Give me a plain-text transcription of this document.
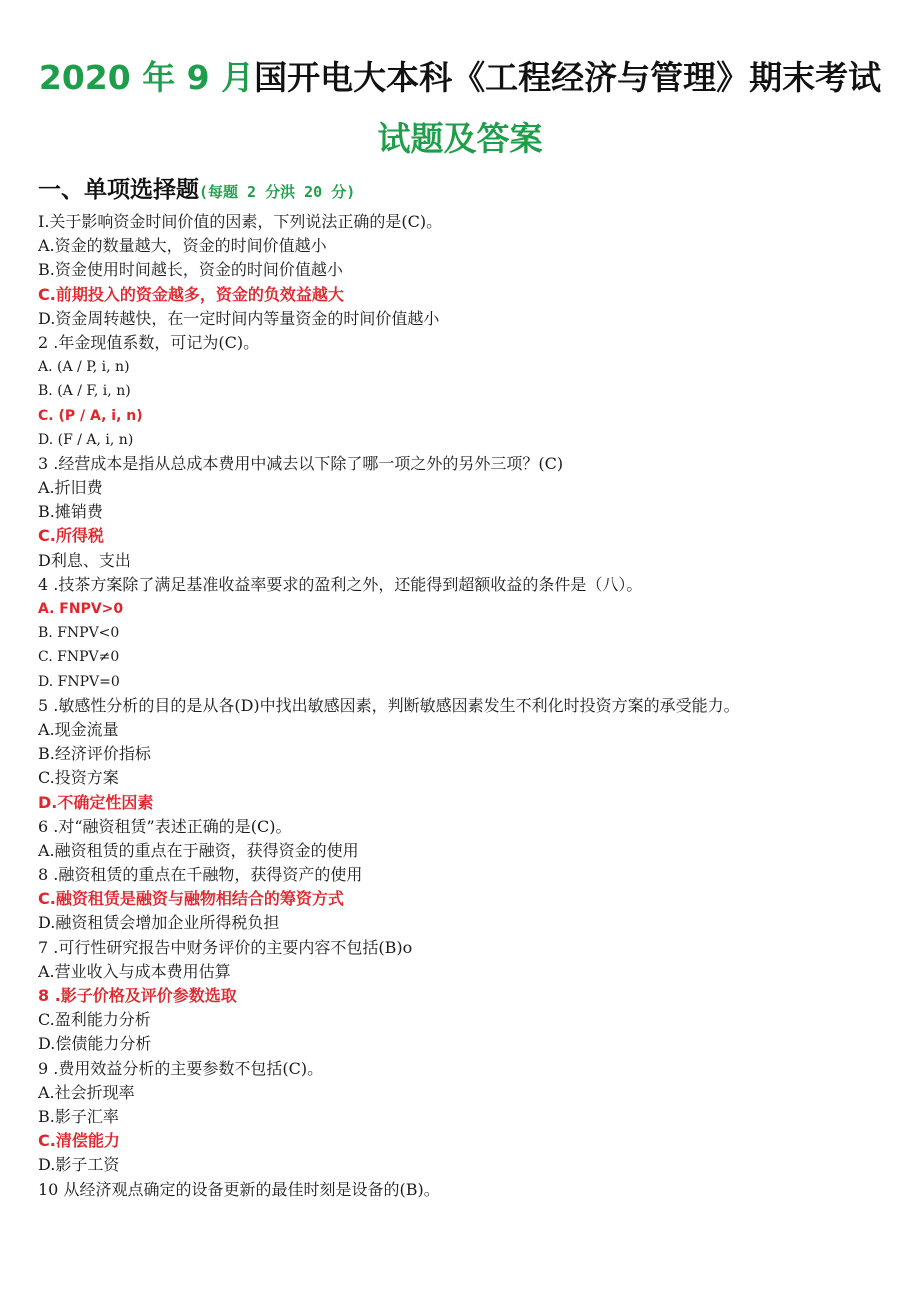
2020 年 9 月国开电大本科《工程经济与管理》期末考试
试题及答案
一、单项选择题(每题 2 分洪 20 分)
I.关于影响资金时间价值的因素，下列说法正确的是(C)。
A.资金的数量越大，资金的时间价值越小
B.资金使用时间越长，资金的时间价值越小
C.前期投入的资金越多，资金的负效益越大
D.资金周转越快，在一定时间内等量资金的时间价值越小
2 .年金现值系数，可记为(C)。
A. (A / P, i, n)
B. (A / F, i, n)
C. (P / A, i, n)
D. (F / A, i, n)
3 .经营成本是指从总成本费用中减去以下除了哪一项之外的另外三项？(C)
A.折旧费
B.摊销费
C.所得税
D利息、支出
4 .技茶方案除了满足基准收益率要求的盈利之外，还能得到超额收益的条件是（八）。
A. FNPV>0
B. FNPV<0
C. FNPV≠0
D. FNPV=0
5 .敏感性分析的目的是从各(D)中找出敏感因素，判断敏感因素发生不利化时投资方案的承受能力。
A.现金流量
B.经济评价指标
C.投资方案
D.不确定性因素
6 .对“融资租赁”表述正确的是(C)。
A.融资租赁的重点在于融资，获得资金的使用
8 .融资租赁的重点在千融物，获得资产的使用
C.融资租赁是融资与融物相结合的筹资方式
D.融资租赁会增加企业所得税负担
7 .可行性研究报告中财务评价的主要内容不包括(B)o
A.营业收入与成本费用估算
8 .影子价格及评价参数选取
C.盈利能力分析
D.偿债能力分析
9 .费用效益分析的主要参数不包括(C)。
A.社会折现率
B.影子汇率
C.清偿能力
D.影子工资
10 从经济观点确定的设备更新的最佳时刻是设备的(B)。
